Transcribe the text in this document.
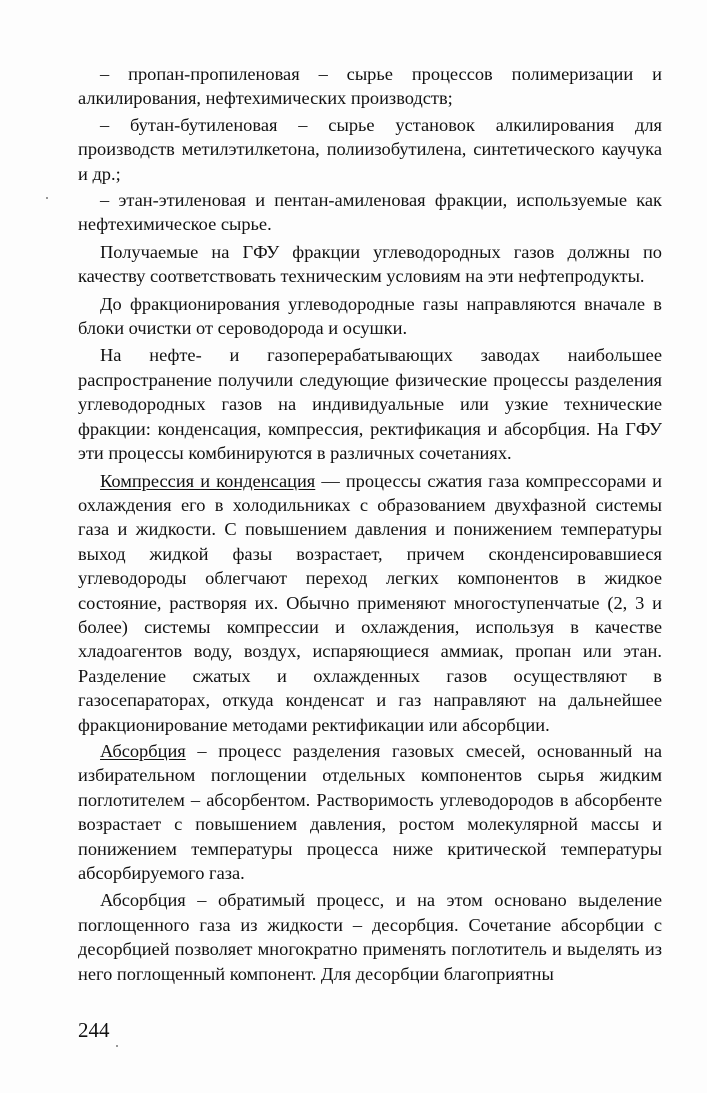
– пропан-пропиленовая – сырье процессов полимеризации и алкилирования, нефтехимических производств;

– бутан-бутиленовая – сырье установок алкилирования для производств метилэтилкетона, полиизобутилена, синтетического каучука и др.;

– этан-этиленовая и пентан-амиленовая фракции, используемые как нефтехимическое сырье.

Получаемые на ГФУ фракции углеводородных газов должны по качеству соответствовать техническим условиям на эти нефтепродукты.

До фракционирования углеводородные газы направляются вначале в блоки очистки от сероводорода и осушки.

На нефте- и газоперерабатывающих заводах наибольшее распространение получили следующие физические процессы разделения углеводородных газов на индивидуальные или узкие технические фракции: конденсация, компрессия, ректификация и абсорбция. На ГФУ эти процессы комбинируются в различных сочетаниях.

Компрессия и конденсация — процессы сжатия газа компрессорами и охлаждения его в холодильниках с образованием двухфазной системы газа и жидкости. С повышением давления и понижением температуры выход жидкой фазы возрастает, причем сконденсировавшиеся углеводороды облегчают переход легких компонентов в жидкое состояние, растворяя их. Обычно применяют многоступенчатые (2, 3 и более) системы компрессии и охлаждения, используя в качестве хладоагентов воду, воздух, испаряющиеся аммиак, пропан или этан. Разделение сжатых и охлажденных газов осуществляют в газосепараторах, откуда конденсат и газ направляют на дальнейшее фракционирование методами ректификации или абсорбции.

Абсорбция – процесс разделения газовых смесей, основанный на избирательном поглощении отдельных компонентов сырья жидким поглотителем – абсорбентом. Растворимость углеводородов в абсорбенте возрастает с повышением давления, ростом молекулярной массы и понижением температуры процесса ниже критической температуры абсорбируемого газа.

Абсорбция – обратимый процесс, и на этом основано выделение поглощенного газа из жидкости – десорбция. Сочетание абсорбции с десорбцией позволяет многократно применять поглотитель и выделять из него поглощенный компонент. Для десорбции благоприятны

244
